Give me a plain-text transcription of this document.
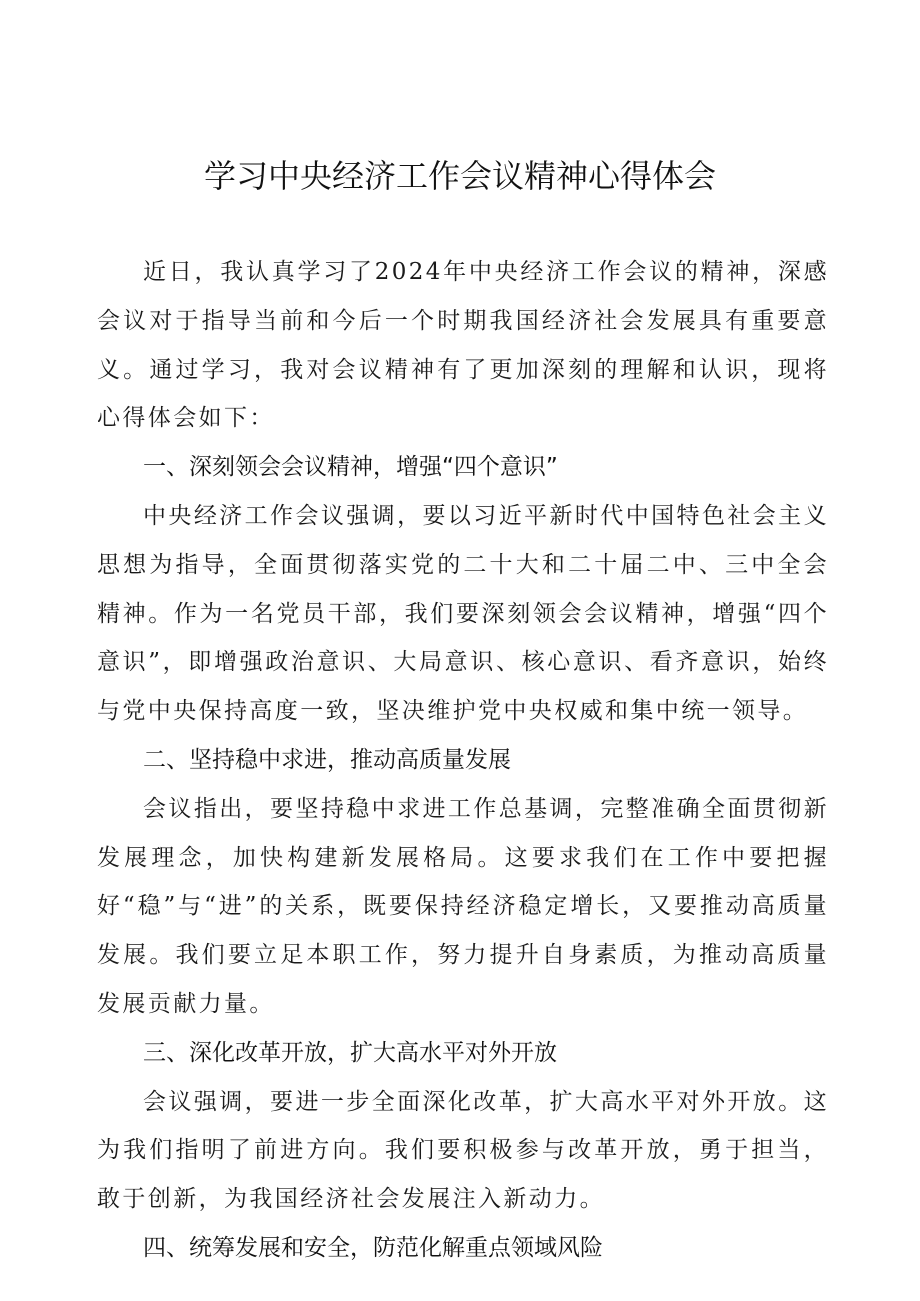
学习中央经济工作会议精神心得体会

近日，我认真学习了2024年中央经济工作会议的精神，深感会议对于指导当前和今后一个时期我国经济社会发展具有重要意义。通过学习，我对会议精神有了更加深刻的理解和认识，现将心得体会如下：

一、深刻领会会议精神，增强“四个意识”

中央经济工作会议强调，要以习近平新时代中国特色社会主义思想为指导，全面贯彻落实党的二十大和二十届二中、三中全会精神。作为一名党员干部，我们要深刻领会会议精神，增强“四个意识”，即增强政治意识、大局意识、核心意识、看齐意识，始终与党中央保持高度一致，坚决维护党中央权威和集中统一领导。

二、坚持稳中求进，推动高质量发展

会议指出，要坚持稳中求进工作总基调，完整准确全面贯彻新发展理念，加快构建新发展格局。这要求我们在工作中要把握好“稳”与“进”的关系，既要保持经济稳定增长，又要推动高质量发展。我们要立足本职工作，努力提升自身素质，为推动高质量发展贡献力量。

三、深化改革开放，扩大高水平对外开放

会议强调，要进一步全面深化改革，扩大高水平对外开放。这为我们指明了前进方向。我们要积极参与改革开放，勇于担当，敢于创新，为我国经济社会发展注入新动力。

四、统筹发展和安全，防范化解重点领域风险
